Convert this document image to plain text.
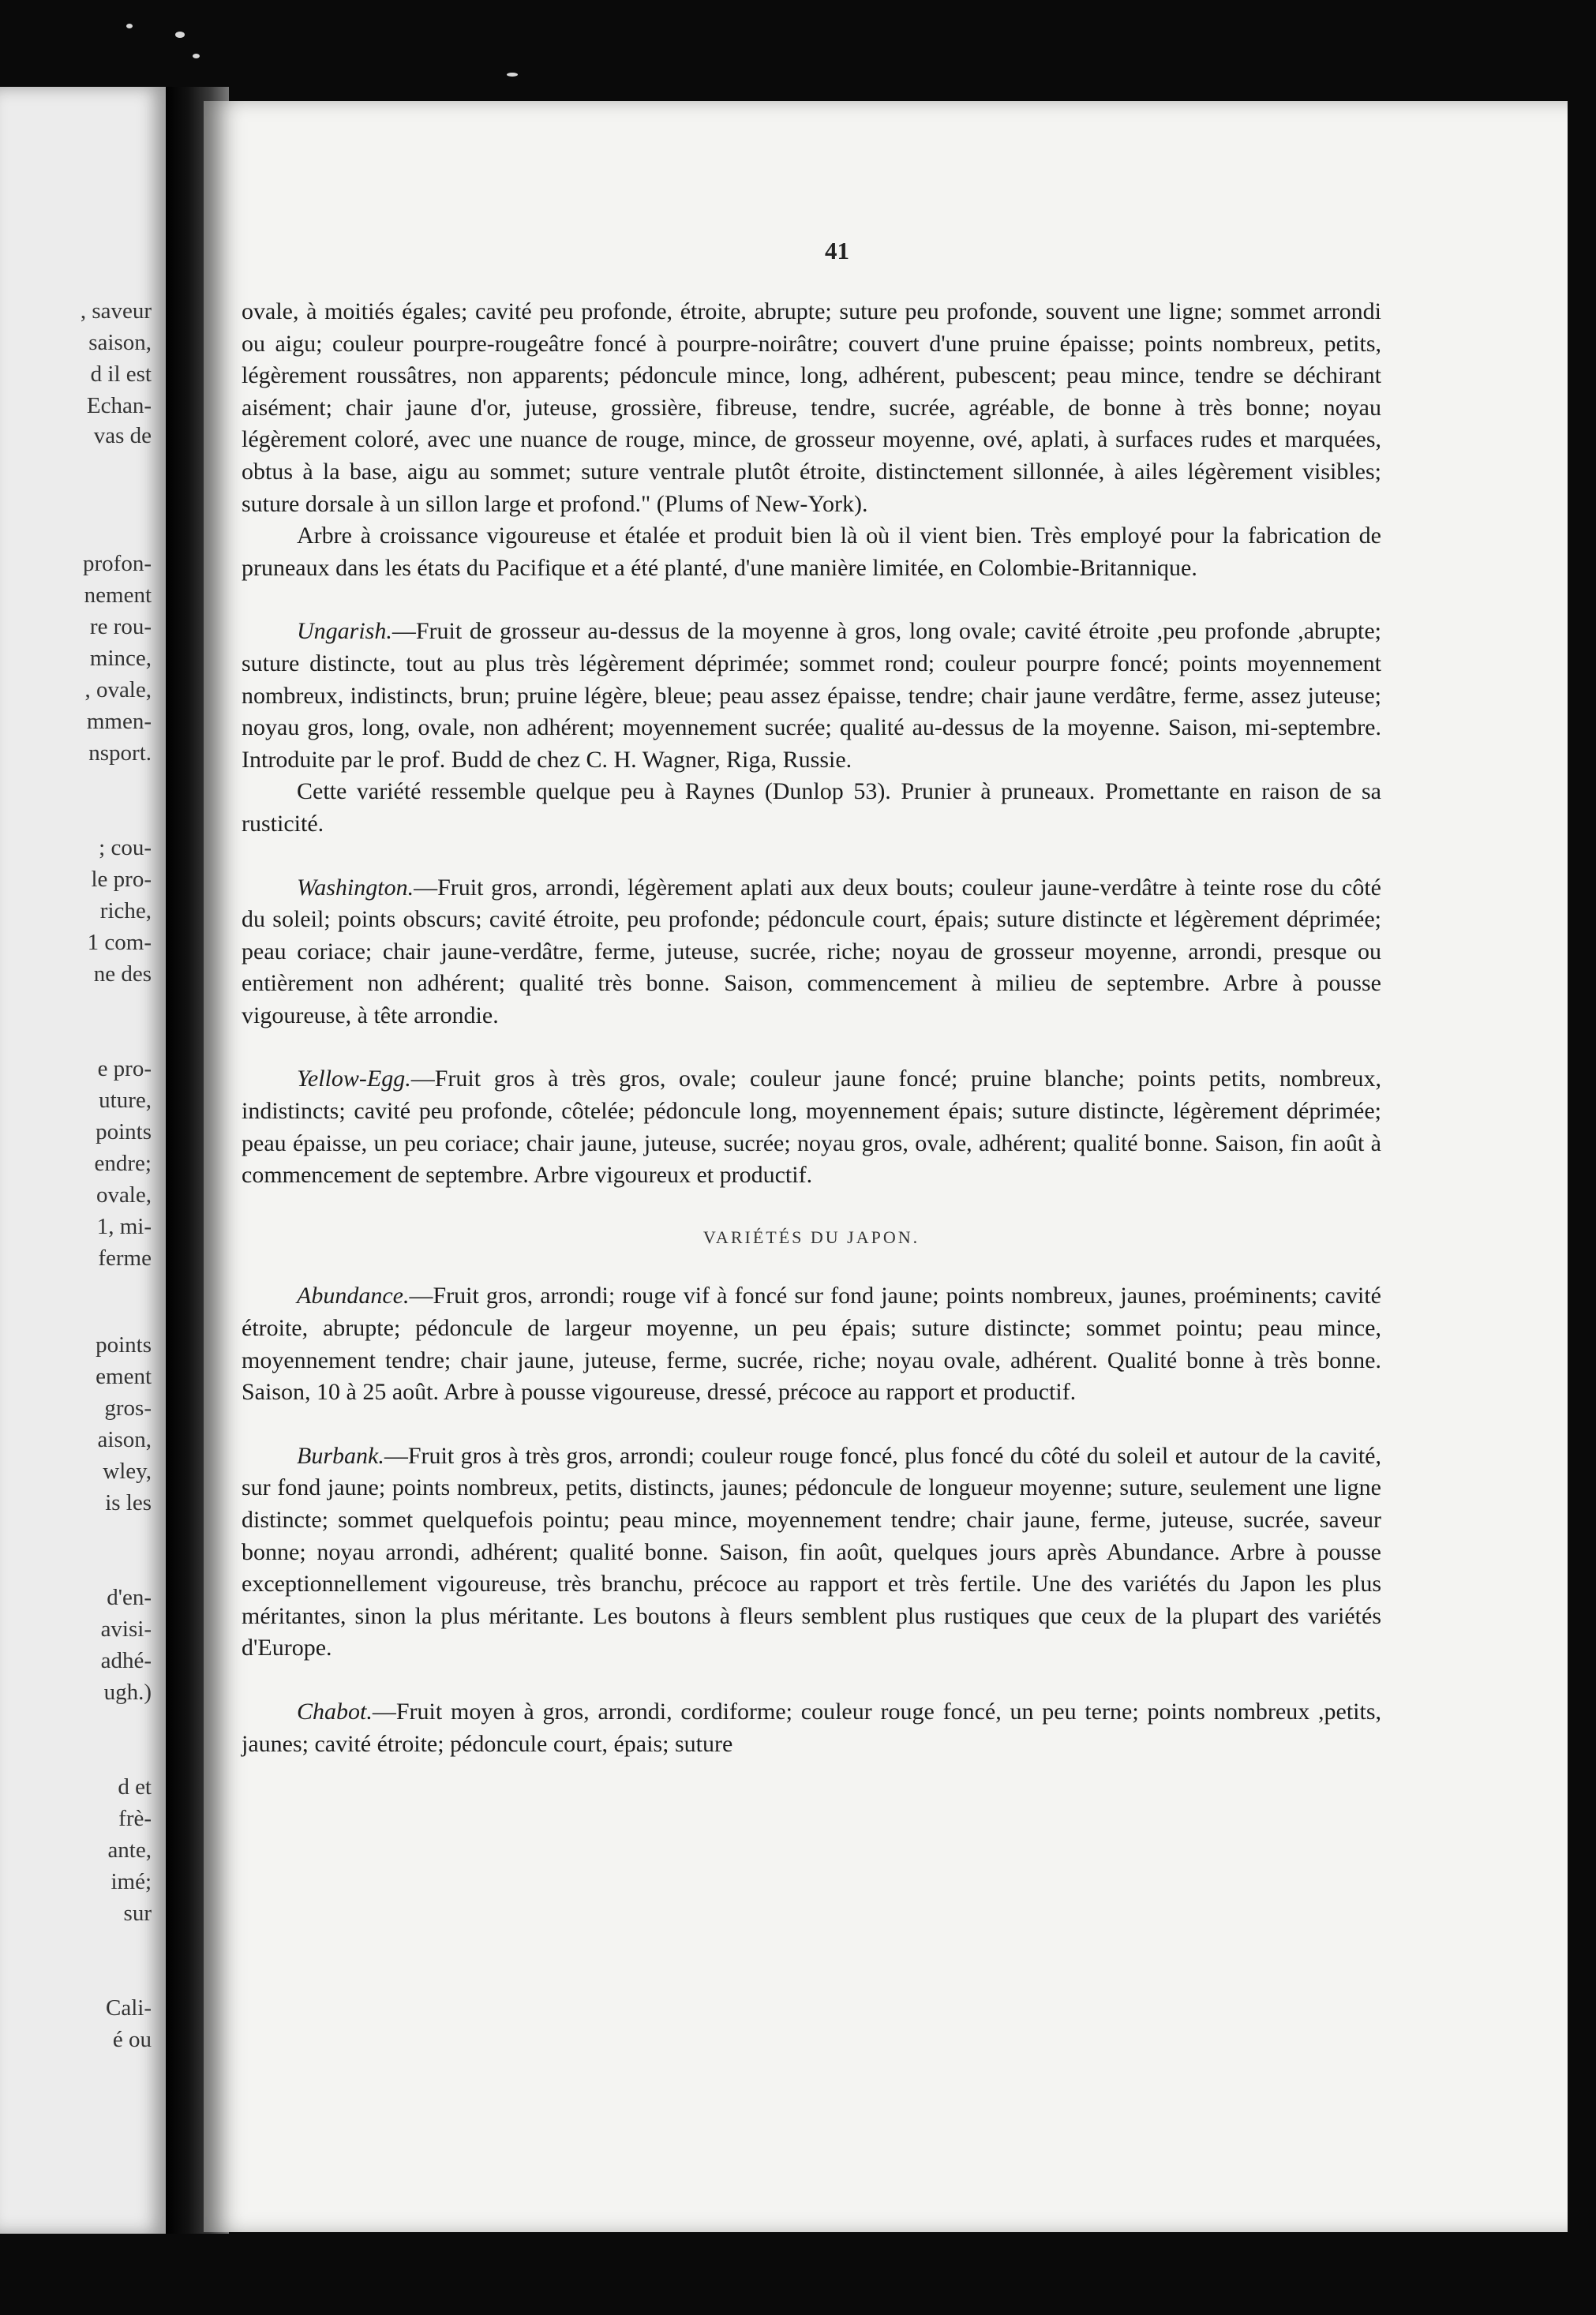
, saveur
saison,
d il est
Echan-
vas de
profon-
nement
re rou-
mince,
, ovale,
mmen-
nsport.
; cou-
le pro-
riche,
1 com-
ne des
e pro-
uture,
points
endre;
ovale,
1, mi-
ferme
points
ement
gros-
aison,
wley,
is les
d'en-
avisi-
adhé-
ugh.)
d et
frè-
ante,
imé;
sur
Cali-
é ou
41

ovale, à moitiés égales; cavité peu profonde, étroite, abrupte; suture peu profonde, souvent une ligne; sommet arrondi ou aigu; couleur pourpre-rougeâtre foncé à pourpre-noirâtre; couvert d'une pruine épaisse; points nombreux, petits, légèrement roussâtres, non apparents; pédoncule mince, long, adhérent, pubescent; peau mince, tendre se déchirant aisément; chair jaune d'or, juteuse, grossière, fibreuse, tendre, sucrée, agréable, de bonne à très bonne; noyau légèrement coloré, avec une nuance de rouge, mince, de grosseur moyenne, ové, aplati, à surfaces rudes et marquées, obtus à la base, aigu au sommet; suture ventrale plutôt étroite, distinctement sillonnée, à ailes légèrement visibles; suture dorsale à un sillon large et profond." (Plums of New-York).

Arbre à croissance vigoureuse et étalée et produit bien là où il vient bien. Très employé pour la fabrication de pruneaux dans les états du Pacifique et a été planté, d'une manière limitée, en Colombie-Britannique.

Ungarish.—Fruit de grosseur au-dessus de la moyenne à gros, long ovale; cavité étroite ,peu profonde ,abrupte; suture distincte, tout au plus très légèrement déprimée; sommet rond; couleur pourpre foncé; points moyennement nombreux, indistincts, brun; pruine légère, bleue; peau assez épaisse, tendre; chair jaune verdâtre, ferme, assez juteuse; noyau gros, long, ovale, non adhérent; moyennement sucrée; qualité au-dessus de la moyenne. Saison, mi-septembre. Introduite par le prof. Budd de chez C. H. Wagner, Riga, Russie.

Cette variété ressemble quelque peu à Raynes (Dunlop 53). Prunier à pruneaux. Promettante en raison de sa rusticité.

Washington.—Fruit gros, arrondi, légèrement aplati aux deux bouts; couleur jaune-verdâtre à teinte rose du côté du soleil; points obscurs; cavité étroite, peu profonde; pédoncule court, épais; suture distincte et légèrement déprimée; peau coriace; chair jaune-verdâtre, ferme, juteuse, sucrée, riche; noyau de grosseur moyenne, arrondi, presque ou entièrement non adhérent; qualité très bonne. Saison, commencement à milieu de septembre. Arbre à pousse vigoureuse, à tête arrondie.

Yellow-Egg.—Fruit gros à très gros, ovale; couleur jaune foncé; pruine blanche; points petits, nombreux, indistincts; cavité peu profonde, côtelée; pédoncule long, moyennement épais; suture distincte, légèrement déprimée; peau épaisse, un peu coriace; chair jaune, juteuse, sucrée; noyau gros, ovale, adhérent; qualité bonne. Saison, fin août à commencement de septembre. Arbre vigoureux et productif.

VARIÉTÉS DU JAPON.

Abundance.—Fruit gros, arrondi; rouge vif à foncé sur fond jaune; points nombreux, jaunes, proéminents; cavité étroite, abrupte; pédoncule de largeur moyenne, un peu épais; suture distincte; sommet pointu; peau mince, moyennement tendre; chair jaune, juteuse, ferme, sucrée, riche; noyau ovale, adhérent. Qualité bonne à très bonne. Saison, 10 à 25 août. Arbre à pousse vigoureuse, dressé, précoce au rapport et productif.

Burbank.—Fruit gros à très gros, arrondi; couleur rouge foncé, plus foncé du côté du soleil et autour de la cavité, sur fond jaune; points nombreux, petits, distincts, jaunes; pédoncule de longueur moyenne; suture, seulement une ligne distincte; sommet quelquefois pointu; peau mince, moyennement tendre; chair jaune, ferme, juteuse, sucrée, saveur bonne; noyau arrondi, adhérent; qualité bonne. Saison, fin août, quelques jours après Abundance. Arbre à pousse exceptionnellement vigoureuse, très branchu, précoce au rapport et très fertile. Une des variétés du Japon les plus méritantes, sinon la plus méritante. Les boutons à fleurs semblent plus rustiques que ceux de la plupart des variétés d'Europe.

Chabot.—Fruit moyen à gros, arrondi, cordiforme; couleur rouge foncé, un peu terne; points nombreux ,petits, jaunes; cavité étroite; pédoncule court, épais; suture
